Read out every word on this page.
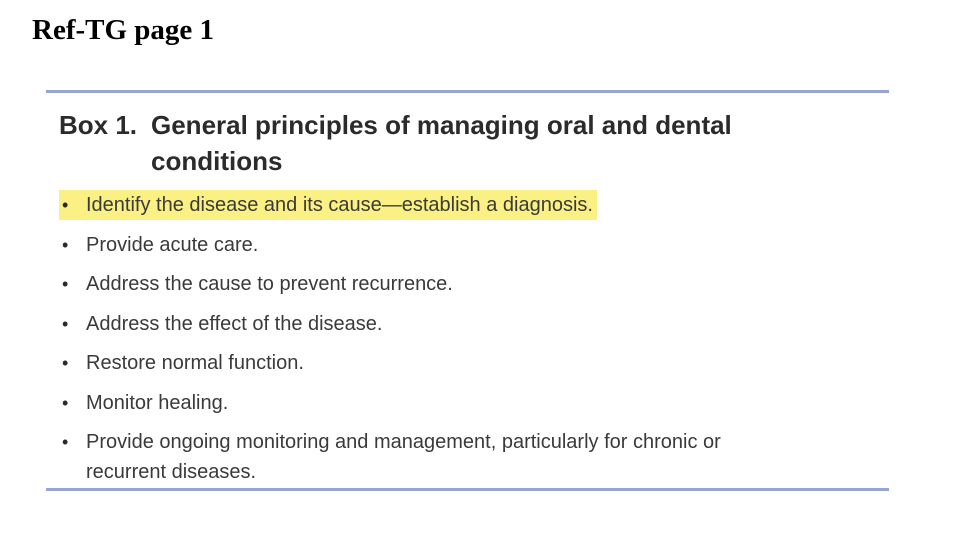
Ref-TG page 1
Box 1. General principles of managing oral and dental conditions
• Identify the disease and its cause—establish a diagnosis.
• Provide acute care.
• Address the cause to prevent recurrence.
• Address the effect of the disease.
• Restore normal function.
• Monitor healing.
• Provide ongoing monitoring and management, particularly for chronic or recurrent diseases.
